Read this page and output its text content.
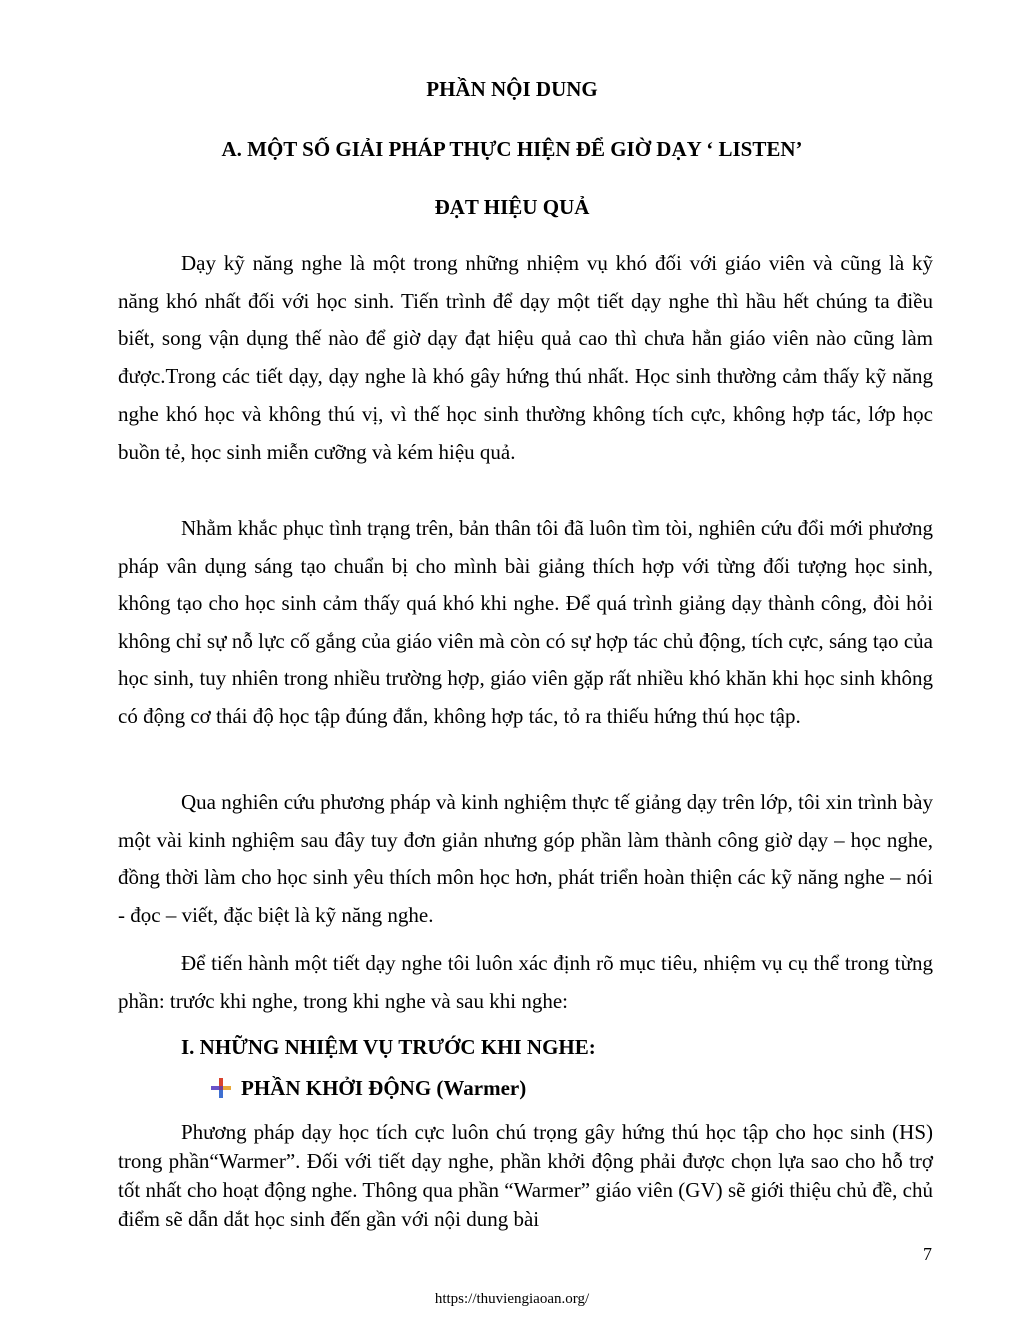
PHẦN NỘI DUNG
A. MỘT SỐ GIẢI PHÁP THỰC HIỆN ĐỂ GIỜ DẠY ‘ LISTEN’
ĐẠT HIỆU QUẢ
Dạy kỹ năng nghe là một trong những nhiệm vụ khó đối với giáo viên và cũng là kỹ năng khó nhất đối với học sinh. Tiến trình để dạy một tiết dạy nghe thì hầu hết chúng ta điều biết, song vận dụng thế nào để giờ dạy đạt hiệu quả cao thì chưa hẳn giáo viên nào cũng làm được.Trong các tiết dạy, dạy nghe là khó gây hứng thú nhất. Học sinh thường cảm thấy kỹ năng nghe khó học và không thú vị, vì thế học sinh thường không tích cực, không hợp tác, lớp học buồn tẻ, học sinh miễn cưỡng và kém hiệu quả.
Nhằm khắc phục tình trạng trên, bản thân tôi đã luôn tìm tòi, nghiên cứu đổi mới phương pháp vân dụng sáng tạo chuẩn bị cho mình bài giảng thích hợp với từng đối tượng học sinh, không tạo cho học sinh cảm thấy quá khó khi nghe. Để quá trình giảng dạy thành công, đòi hỏi không chỉ sự nỗ lực cố gắng của giáo viên mà còn có sự hợp tác chủ động, tích cực, sáng tạo của học sinh, tuy nhiên trong nhiều trường hợp, giáo viên gặp rất nhiều khó khăn khi học sinh không có động cơ thái độ học tập đúng đắn, không hợp tác, tỏ ra thiếu hứng thú học tập.
Qua nghiên cứu phương pháp và kinh nghiệm thực tế giảng dạy trên lớp, tôi xin trình bày một vài kinh nghiệm sau đây tuy đơn giản nhưng góp phần làm thành công giờ dạy – học nghe, đồng thời làm cho học sinh yêu thích môn học hơn, phát triển hoàn thiện các kỹ năng nghe – nói - đọc – viết, đặc biệt là kỹ năng nghe.
Để tiến hành một tiết dạy nghe tôi luôn xác định rõ mục tiêu, nhiệm vụ cụ thể trong từng phần: trước khi nghe, trong khi nghe và sau khi nghe:
I. NHỮNG NHIỆM VỤ TRƯỚC KHI NGHE:
PHẦN KHỞI ĐỘNG (Warmer)
Phương pháp dạy học tích cực luôn chú trọng gây hứng thú học tập cho học sinh (HS) trong phần“Warmer”. Đối với tiết dạy nghe, phần khởi động phải được chọn lựa sao cho hỗ trợ tốt nhất cho hoạt động nghe. Thông qua phần “Warmer” giáo viên (GV) sẽ giới thiệu chủ đề, chủ điểm sẽ dẫn dắt học sinh đến gần với nội dung bài
7
https://thuviengiaoan.org/
